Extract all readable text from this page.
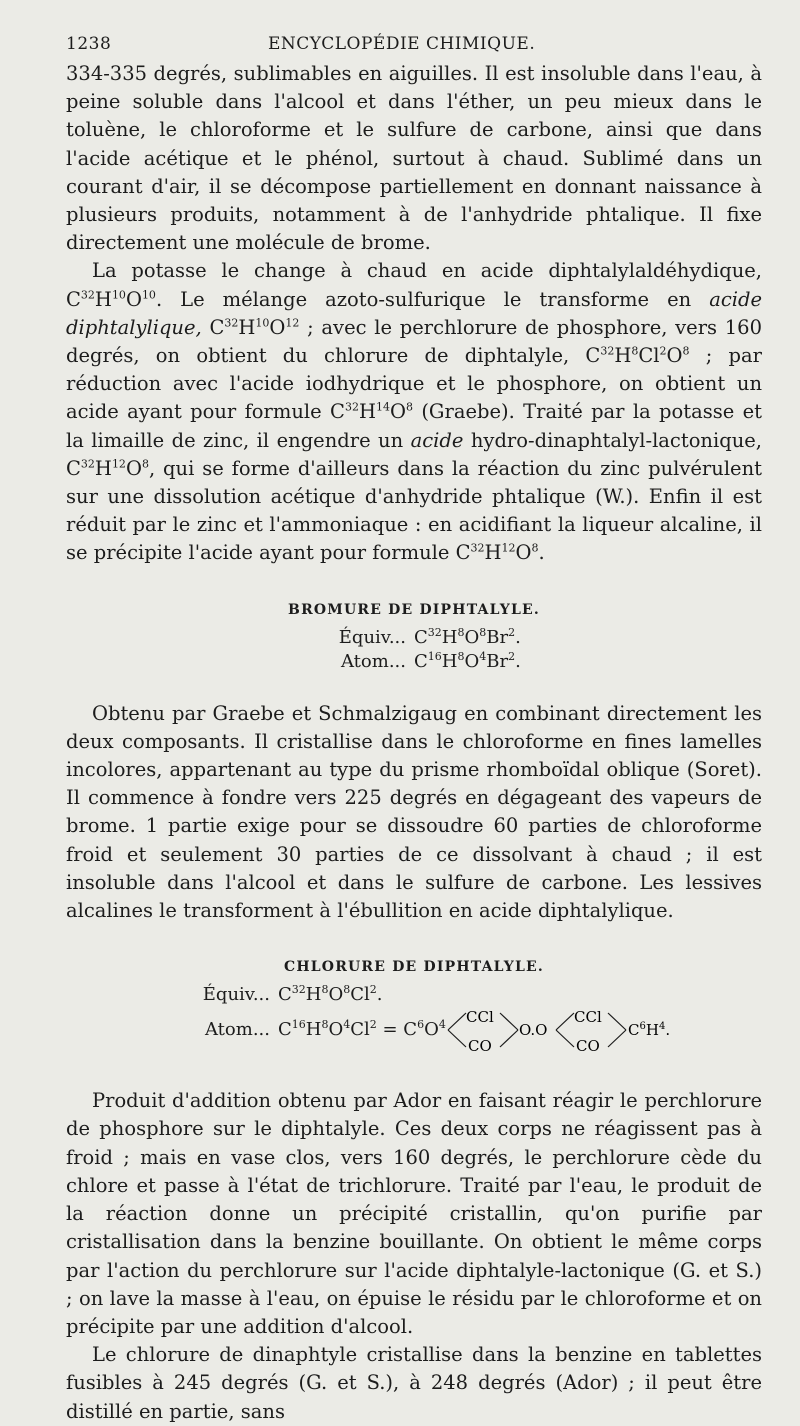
1238	ENCYCLOPÉDIE CHIMIQUE.

334-335 degrés, sublimables en aiguilles. Il est insoluble dans l'eau, à peine soluble dans l'alcool et dans l'éther, un peu mieux dans le toluène, le chloroforme et le sulfure de carbone, ainsi que dans l'acide acétique et le phénol, surtout à chaud. Sublimé dans un courant d'air, il se décompose partiellement en donnant naissance à plusieurs produits, notamment à de l'anhydride phtalique. Il fixe directement une molécule de brome.

La potasse le change à chaud en acide diphtalylaldéhydique, $C^{32}H^{10}O^{10}$. Le mélange azoto-sulfurique le transforme en acide diphtalylique, $C^{32}H^{10}O^{12}$ ; avec le perchlorure de phosphore, vers 160 degrés, on obtient du chlorure de diphtalyle, $C^{32}H^8Cl^2O^8$ ; par réduction avec l'acide iodhydrique et le phosphore, on obtient un acide ayant pour formule $C^{32}H^{14}O^8$ (Graebe). Traité par la potasse et la limaille de zinc, il engendre un acide hydro-dinaphtalyl-lactonique, $C^{32}H^{12}O^8$, qui se forme d'ailleurs dans la réaction du zinc pulvérulent sur une dissolution acétique d'anhydride phtalique (W.). Enfin il est réduit par le zinc et l'ammoniaque : en acidifiant la liqueur alcaline, il se précipite l'acide ayant pour formule $C^{32}H^{12}O^8$.

BROMURE DE DIPHTALYLE.
Équiv... $C^{32}H^8O^8Br^2$.
Atom... $C^{16}H^8O^4Br^2$.

Obtenu par Graebe et Schmalzigaug en combinant directement les deux composants. Il cristallise dans le chloroforme en fines lamelles incolores, appartenant au type du prisme rhomboïdal oblique (Soret). Il commence à fondre vers 225 degrés en dégageant des vapeurs de brome. 1 partie exige pour se dissoudre 60 parties de chloroforme froid et seulement 30 parties de ce dissolvant à chaud ; il est insoluble dans l'alcool et dans le sulfure de carbone. Les lessives alcalines le transforment à l'ébullition en acide diphtalylique.

CHLORURE DE DIPHTALYLE.
Équiv... $C^{32}H^8O^8Cl^2$.
Atom... $C^{16}H^8O^4Cl^2 = C^6O^4$ CCl
CO
O.O
CCl
CO
$C^6H^4$.

Produit d'addition obtenu par Ador en faisant réagir le perchlorure de phosphore sur le diphtalyle. Ces deux corps ne réagissent pas à froid ; mais en vase clos, vers 160 degrés, le perchlorure cède du chlore et passe à l'état de trichlorure. Traité par l'eau, le produit de la réaction donne un précipité cristallin, qu'on purifie par cristallisation dans la benzine bouillante. On obtient le même corps par l'action du perchlorure sur l'acide diphtalyle-lactonique (G. et S.) ; on lave la masse à l'eau, on épuise le résidu par le chloroforme et on précipite par une addition d'alcool.

Le chlorure de dinaphtyle cristallise dans la benzine en tablettes fusibles à 245 degrés (G. et S.), à 248 degrés (Ador) ; il peut être distillé en partie, sans
